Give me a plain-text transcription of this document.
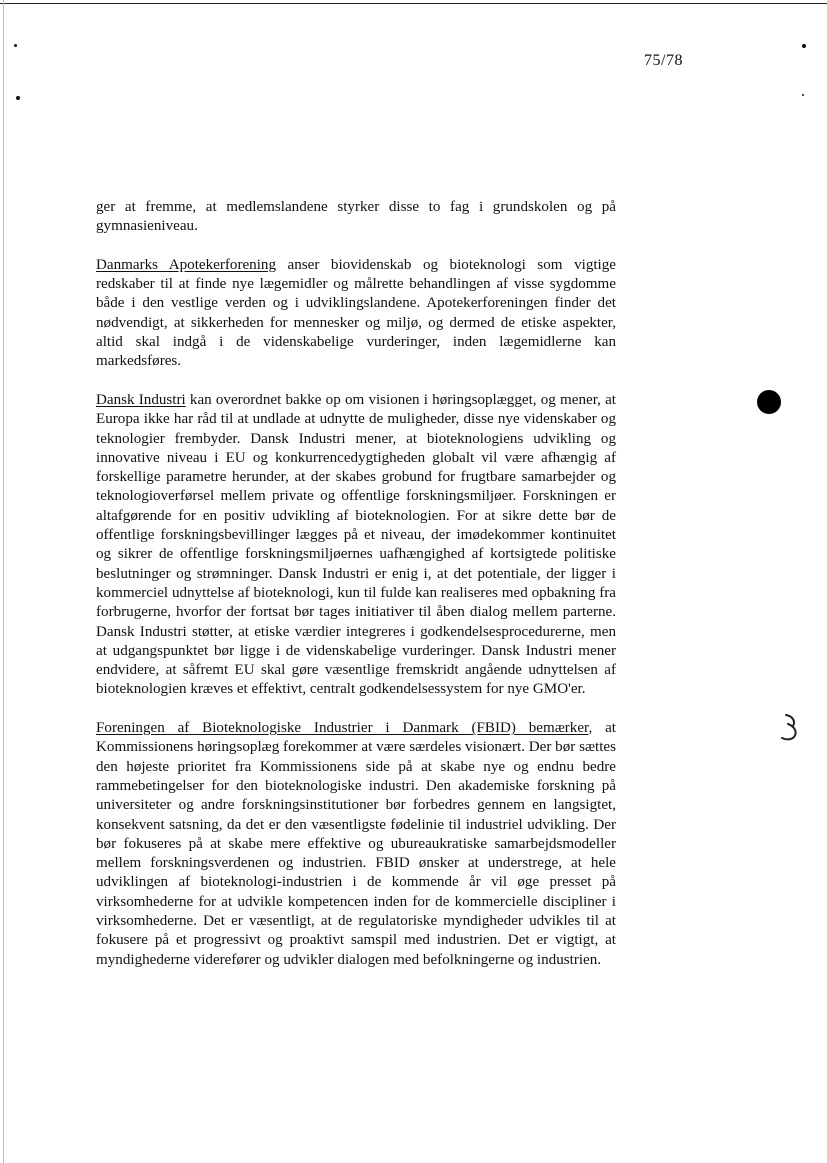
75/78

ger at fremme, at medlemslandene styrker disse to fag i grundskolen og på gymnasieniveau.

Danmarks Apotekerforening anser biovidenskab og bioteknologi som vigtige redskaber til at finde nye lægemidler og målrette behandlingen af visse sygdomme både i den vestlige verden og i udviklingslandene. Apotekerforeningen finder det nødvendigt, at sikkerheden for mennesker og miljø, og dermed de etiske aspekter, altid skal indgå i de videnskabelige vurderinger, inden lægemidlerne kan markedsføres.

Dansk Industri kan overordnet bakke op om visionen i høringsoplægget, og mener, at Europa ikke har råd til at undlade at udnytte de muligheder, disse nye videnskaber og teknologier frembyder. Dansk Industri mener, at bioteknologiens udvikling og innovative niveau i EU og konkurrencedygtigheden globalt vil være afhængig af forskellige parametre herunder, at der skabes grobund for frugtbare samarbejder og teknologioverførsel mellem private og offentlige forskningsmiljøer. Forskningen er altafgørende for en positiv udvikling af bioteknologien. For at sikre dette bør de offentlige forskningsbevillinger lægges på et niveau, der imødekommer kontinuitet og sikrer de offentlige forskningsmiljøernes uafhængighed af kortsigtede politiske beslutninger og strømninger. Dansk Industri er enig i, at det potentiale, der ligger i kommerciel udnyttelse af bioteknologi, kun til fulde kan realiseres med opbakning fra forbrugerne, hvorfor der fortsat bør tages initiativer til åben dialog mellem parterne. Dansk Industri støtter, at etiske værdier integreres i godkendelsesprocedurerne, men at udgangspunktet bør ligge i de videnskabelige vurderinger. Dansk Industri mener endvidere, at såfremt EU skal gøre væsentlige fremskridt angående udnyttelsen af bioteknologien kræves et effektivt, centralt godkendelsessystem for nye GMO'er.

Foreningen af Bioteknologiske Industrier i Danmark (FBID) bemærker, at Kommissionens høringsoplæg forekommer at være særdeles visionært. Der bør sættes den højeste prioritet fra Kommissionens side på at skabe nye og endnu bedre rammebetingelser for den bioteknologiske industri. Den akademiske forskning på universiteter og andre forskningsinstitutioner bør forbedres gennem en langsigtet, konsekvent satsning, da det er den væsentligste fødelinie til industriel udvikling. Der bør fokuseres på at skabe mere effektive og ubureaukratiske samarbejdsmodeller mellem forskningsverdenen og industrien. FBID ønsker at understrege, at hele udviklingen af bioteknologi-industrien i de kommende år vil øge presset på virksomhederne for at udvikle kompetencen inden for de kommercielle discipliner i virksomhederne. Det er væsentligt, at de regulatoriske myndigheder udvikles til at fokusere på et progressivt og proaktivt samspil med industrien. Det er vigtigt, at myndighederne viderefører og udvikler dialogen med befolkningerne og industrien.
